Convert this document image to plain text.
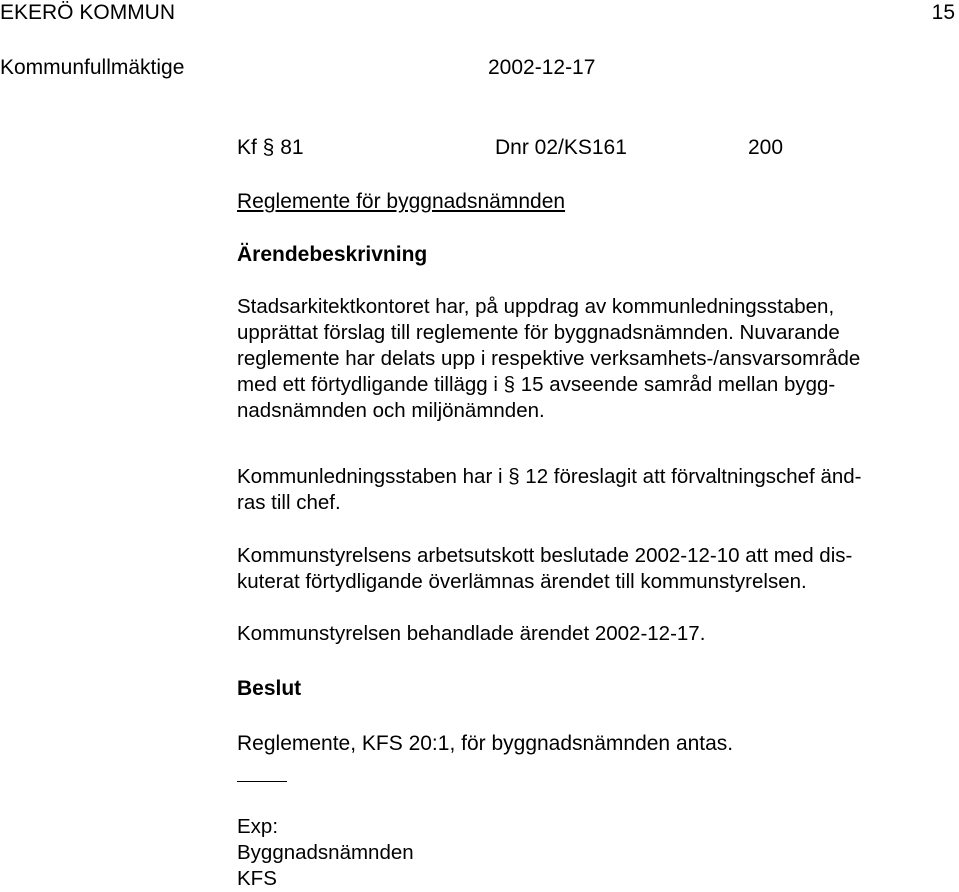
EKERÖ KOMMUN	15
Kommunfullmäktige	2002-12-17
Kf § 81	Dnr 02/KS161	200
Reglemente för byggnadsnämnden
Ärendebeskrivning
Stadsarkitektkontoret har, på uppdrag av kommunledningsstaben,
upprättat förslag till reglemente för byggnadsnämnden. Nuvarande
reglemente har delats upp i respektive verksamhets-/ansvarsområde
med ett förtydligande tillägg i § 15 avseende samråd mellan bygg-
nadsnämnden och miljönämnden.
Kommunledningsstaben har i § 12 föreslagit att förvaltningschef änd-
ras till chef.
Kommunstyrelsens arbetsutskott beslutade 2002-12-10 att med dis-
kuterat förtydligande överlämnas ärendet till kommunstyrelsen.
Kommunstyrelsen behandlade ärendet 2002-12-17.
Beslut
Reglemente, KFS 20:1, för byggnadsnämnden antas.
Exp:
Byggnadsnämnden
KFS
